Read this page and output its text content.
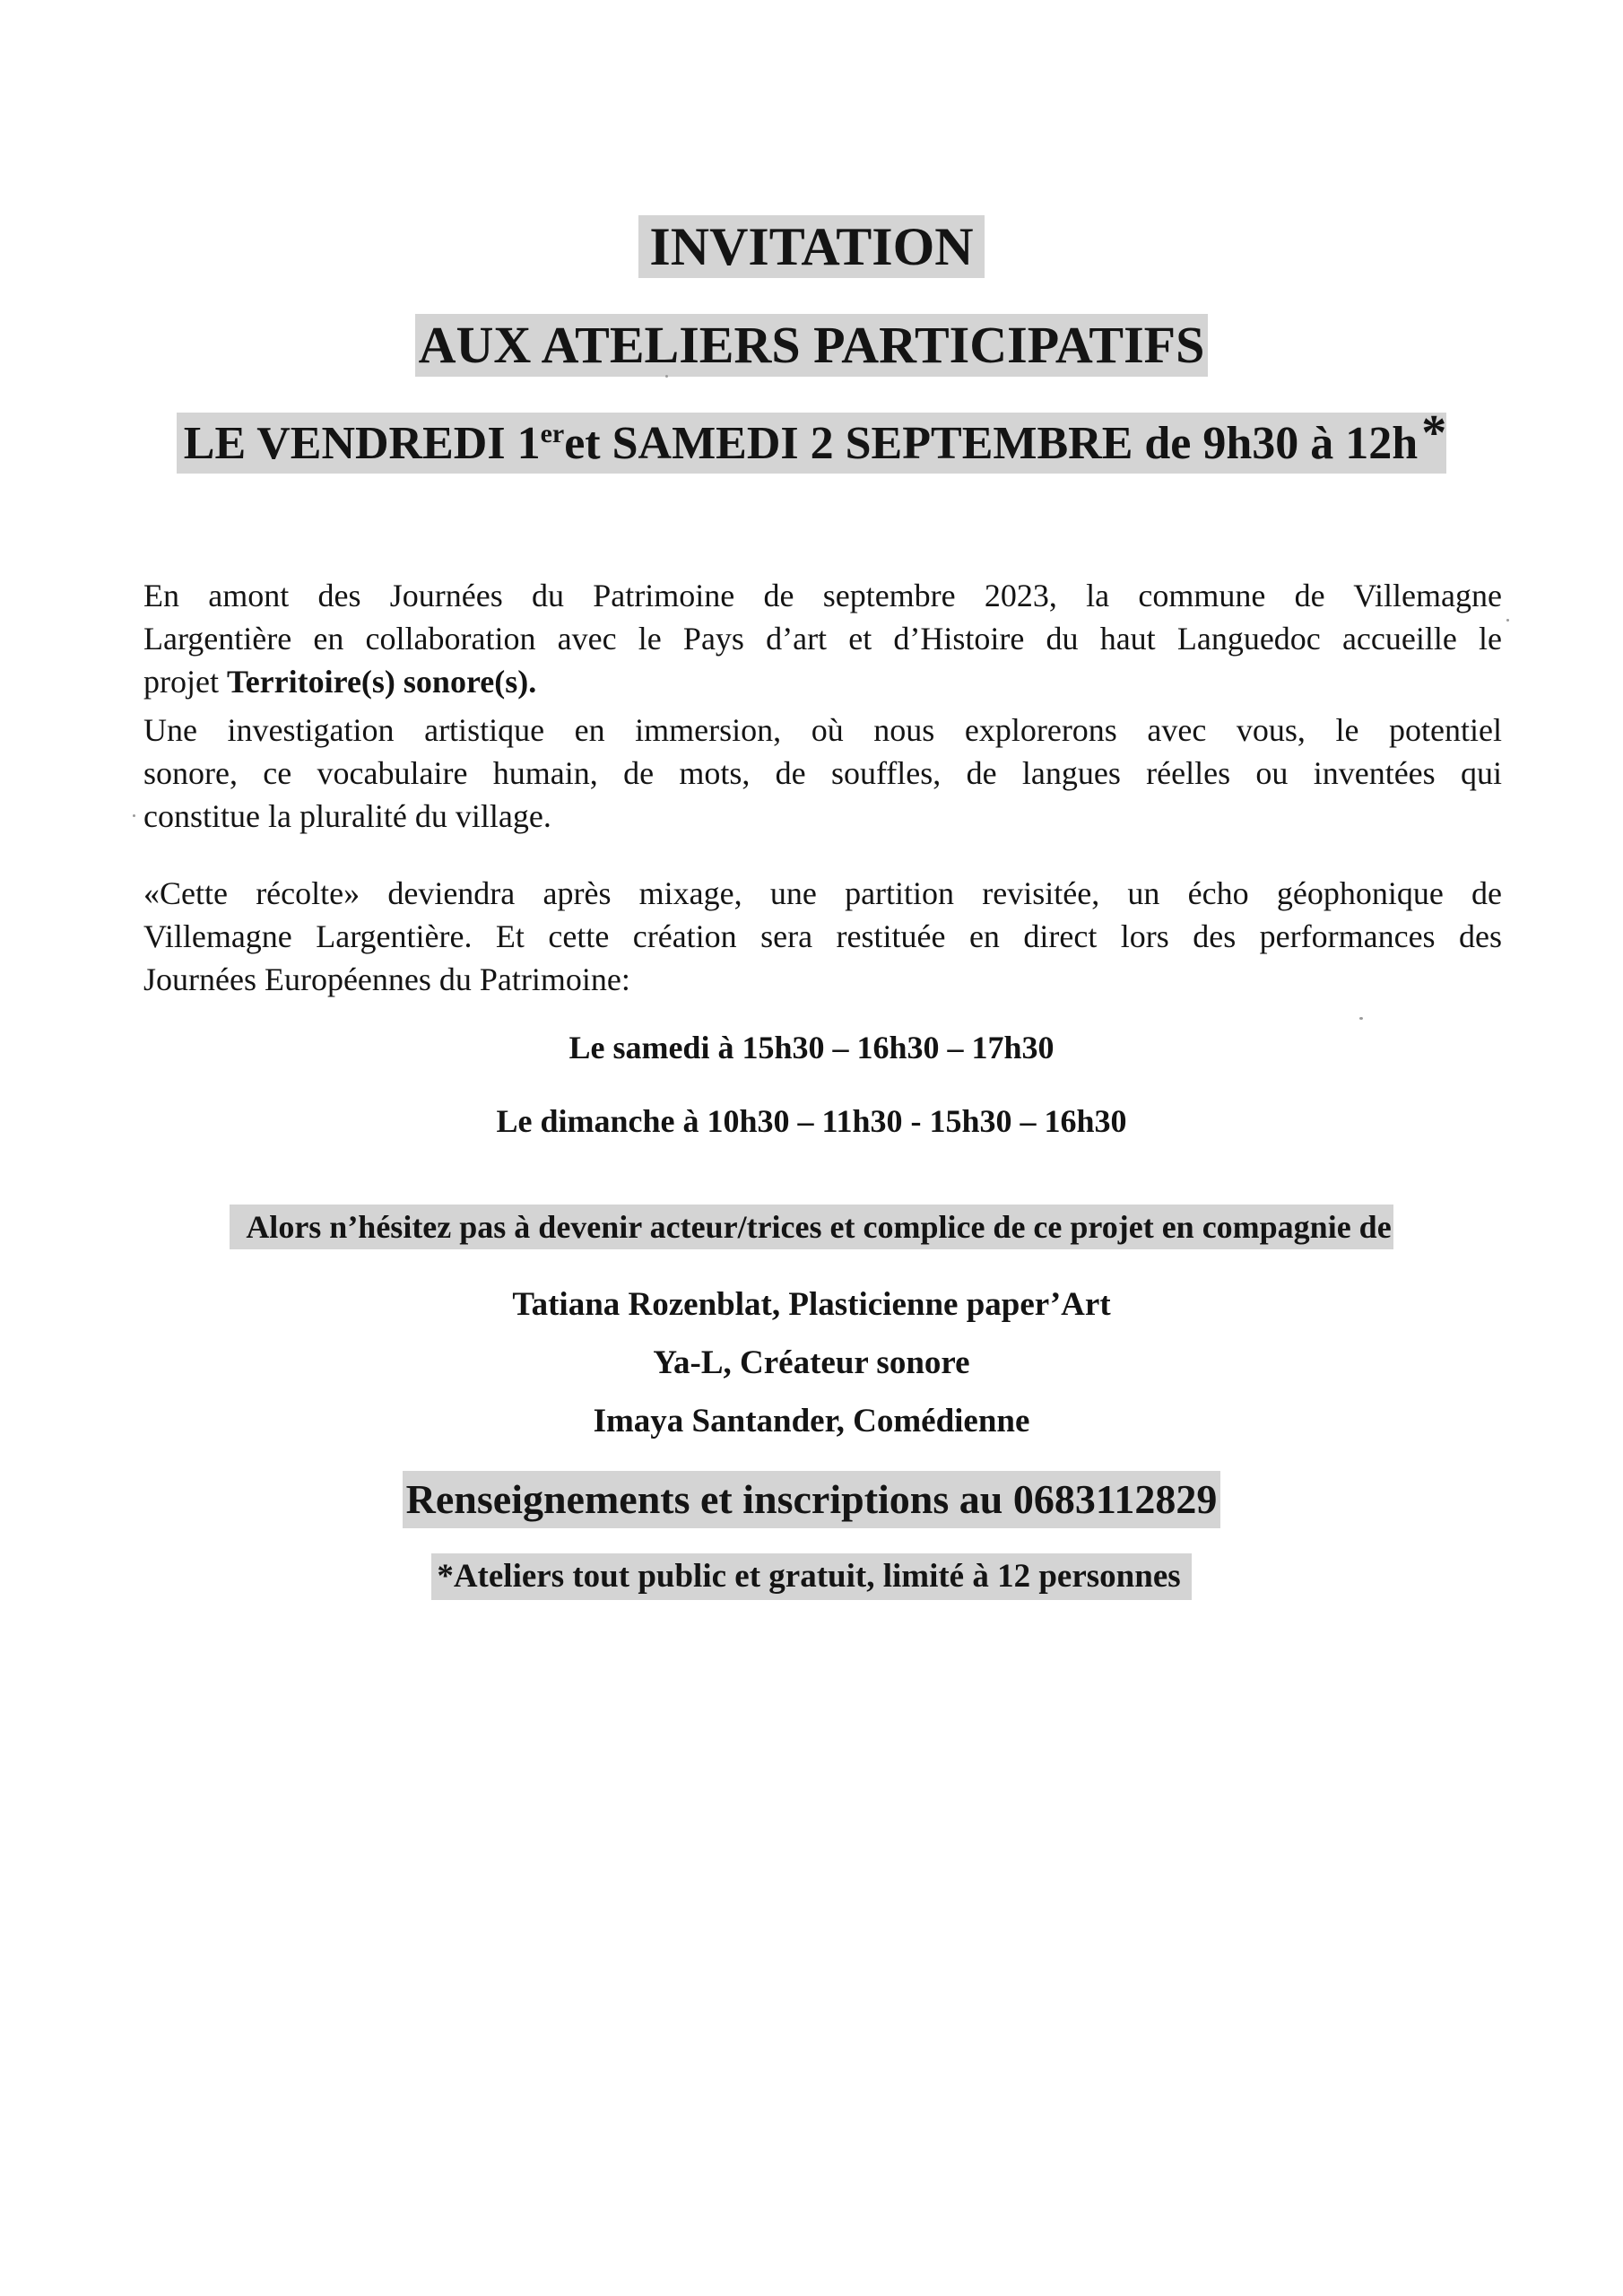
INVITATION
AUX ATELIERS PARTICIPATIFS
LE VENDREDI 1eret SAMEDI 2 SEPTEMBRE de 9h30 à 12h*

En amont des Journées du Patrimoine de septembre 2023, la commune de Villemagne
Largentière en collaboration avec le Pays d’art et d’Histoire du haut Languedoc accueille le
projet Territoire(s) sonore(s).

Une investigation artistique en immersion, où nous explorerons avec vous, le potentiel
sonore, ce vocabulaire humain, de mots, de souffles, de langues réelles ou inventées qui
constitue la pluralité du village.

«Cette récolte» deviendra après mixage, une partition revisitée, un écho géophonique de
Villemagne Largentière. Et cette création sera restituée en direct lors des performances des
Journées Européennes du Patrimoine:

Le samedi à 15h30 – 16h30 – 17h30
Le dimanche à 10h30 – 11h30 - 15h30 – 16h30
Alors n’hésitez pas à devenir acteur/trices et complice de ce projet en compagnie de
Tatiana Rozenblat, Plasticienne paper’Art
Ya-L, Créateur sonore
Imaya Santander, Comédienne
Renseignements et inscriptions au 0683112829
*Ateliers tout public et gratuit, limité à 12 personnes
